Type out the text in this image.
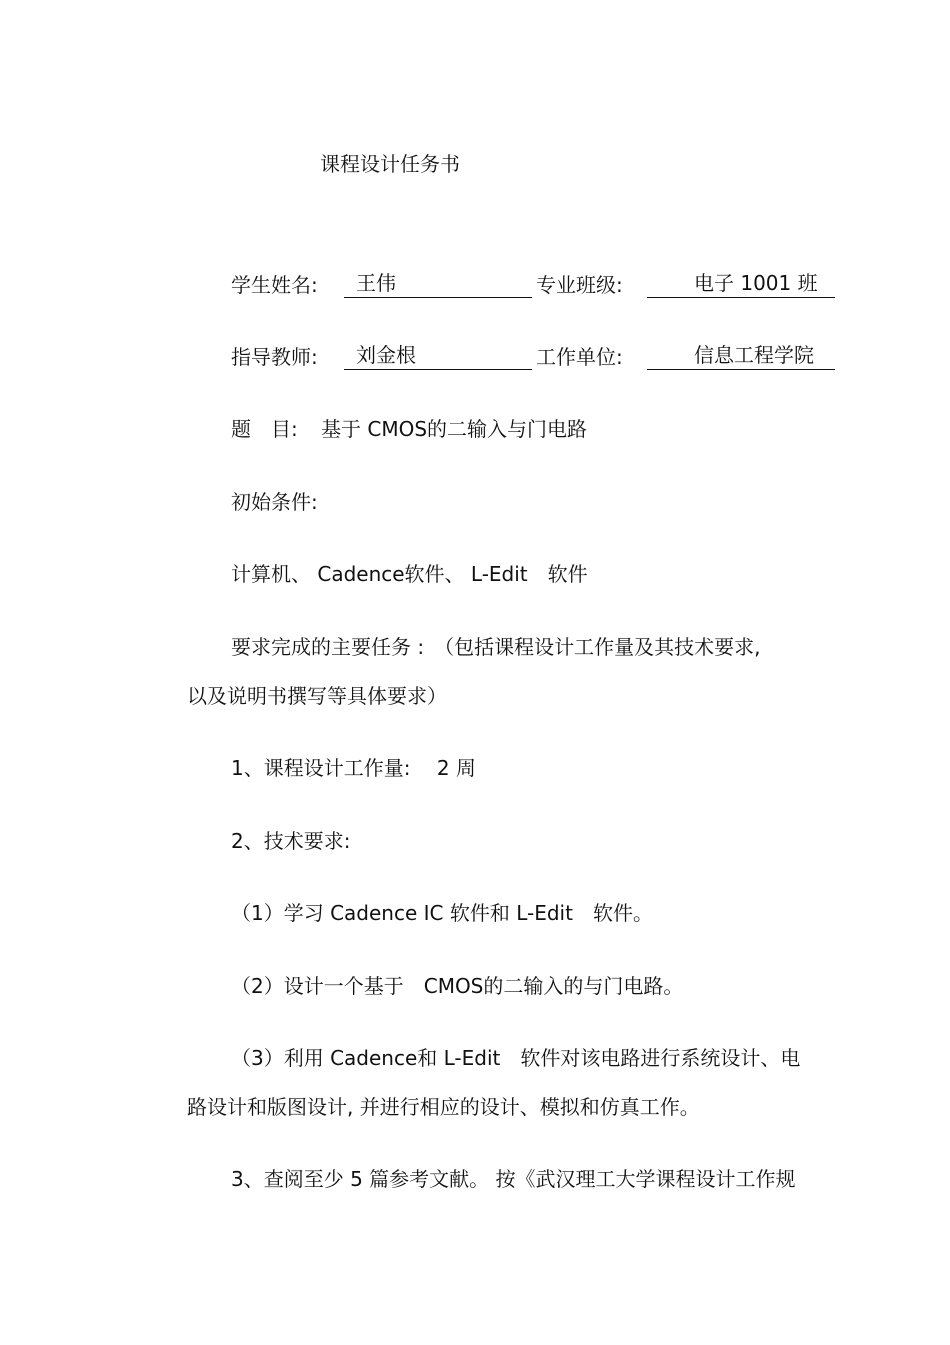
课程设计任务书
学生姓名:	王伟	专业班级:	电子 1001 班
指导教师:	刘金根	工作单位:	信息工程学院
题　目: 基于 CMOS的二输入与门电路
初始条件:
计算机、 Cadence软件、 L-Edit　软件
要求完成的主要任务 :　（包括课程设计工作量及其技术要求,
以及说明书撰写等具体要求）
1、课程设计工作量:　 2 周
2、技术要求:
（1）学习 Cadence IC 软件和 L-Edit　软件。
（2）设计一个基于　CMOS的二输入的与门电路。
（3）利用 Cadence和 L-Edit　软件对该电路进行系统设计、电
路设计和版图设计, 并进行相应的设计、模拟和仿真工作。
3、查阅至少 5 篇参考文献。 按《武汉理工大学课程设计工作规
